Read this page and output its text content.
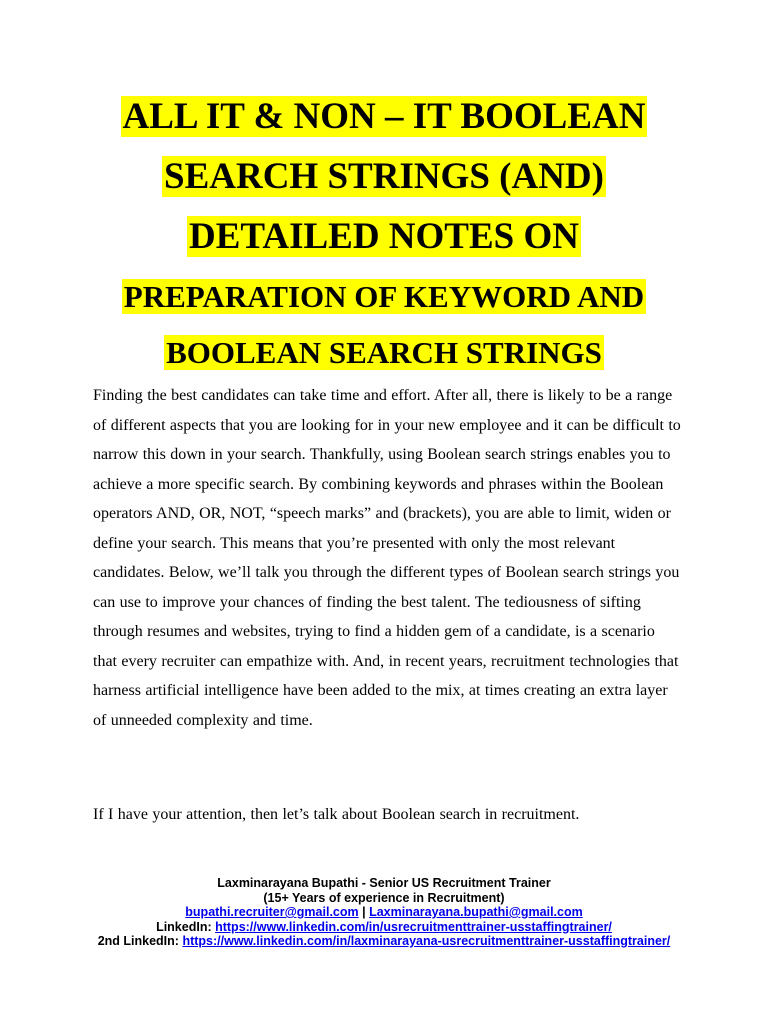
ALL IT & NON – IT BOOLEAN
SEARCH STRINGS (AND)
DETAILED NOTES ON
PREPARATION OF KEYWORD AND
BOOLEAN SEARCH STRINGS

Finding the best candidates can take time and effort. After all, there is likely to be a range of different aspects that you are looking for in your new employee and it can be difficult to narrow this down in your search. Thankfully, using Boolean search strings enables you to achieve a more specific search. By combining keywords and phrases within the Boolean operators AND, OR, NOT, “speech marks” and (brackets), you are able to limit, widen or define your search. This means that you’re presented with only the most relevant candidates. Below, we’ll talk you through the different types of Boolean search strings you can use to improve your chances of finding the best talent. The tediousness of sifting through resumes and websites, trying to find a hidden gem of a candidate, is a scenario that every recruiter can empathize with. And, in recent years, recruitment technologies that harness artificial intelligence have been added to the mix, at times creating an extra layer of unneeded complexity and time.

If I have your attention, then let’s talk about Boolean search in recruitment.

Laxminarayana Bupathi - Senior US Recruitment Trainer
(15+ Years of experience in Recruitment)
bupathi.recruiter@gmail.com | Laxminarayana.bupathi@gmail.com
LinkedIn: https://www.linkedin.com/in/usrecruitmenttrainer-usstaffingtrainer/
2nd LinkedIn: https://www.linkedin.com/in/laxminarayana-usrecruitmenttrainer-usstaffingtrainer/
